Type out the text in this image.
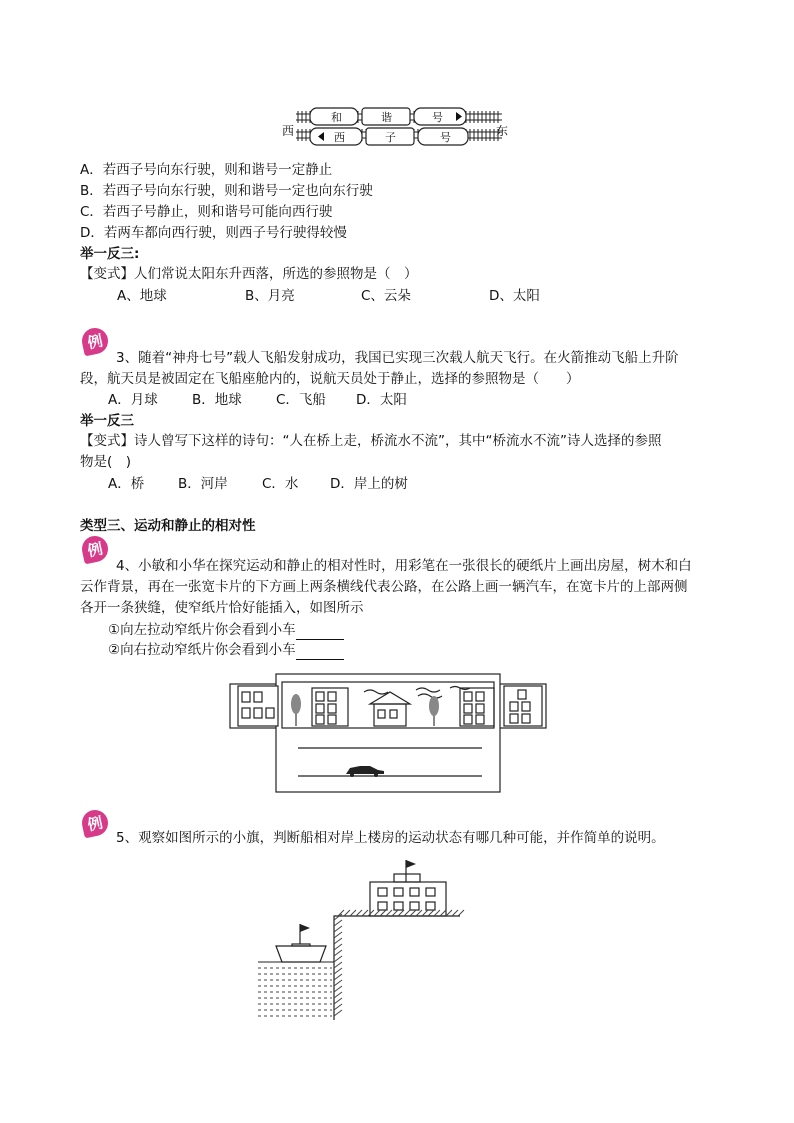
西	东
和	谐	号
西	子	号
A．若西子号向东行驶，则和谐号一定静止
B．若西子号向东行驶，则和谐号一定也向东行驶
C．若西子号静止，则和谐号可能向西行驶
D．若两车都向西行驶，则西子号行驶得较慢
举一反三:
【变式】人们常说太阳东升西落，所选的参照物是（　）
A、地球	B、月亮	C、云朵	D、太阳
例
3、随着“神舟七号”载人飞船发射成功，我国已实现三次载人航天飞行。在火箭推动飞船上升阶
段，航天员是被固定在飞船座舱内的，说航天员处于静止，选择的参照物是（　　）
A．月球	B．地球	C．飞船 D．太阳
举一反三
【变式】诗人曾写下这样的诗句：“人在桥上走，桥流水不流”，其中“桥流水不流”诗人选择的参照
物是(　)
A．桥	B．河岸	C．水 D．岸上的树
类型三、运动和静止的相对性
例
4、小敏和小华在探究运动和静止的相对性时，用彩笔在一张很长的硬纸片上画出房屋，树木和白
云作背景，再在一张宽卡片的下方画上两条横线代表公路，在公路上画一辆汽车，在宽卡片的上部两侧
各开一条狭缝，使窄纸片恰好能插入，如图所示
①向左拉动窄纸片你会看到小车
②向右拉动窄纸片你会看到小车
例
5、观察如图所示的小旗，判断船相对岸上楼房的运动状态有哪几种可能，并作简单的说明。
